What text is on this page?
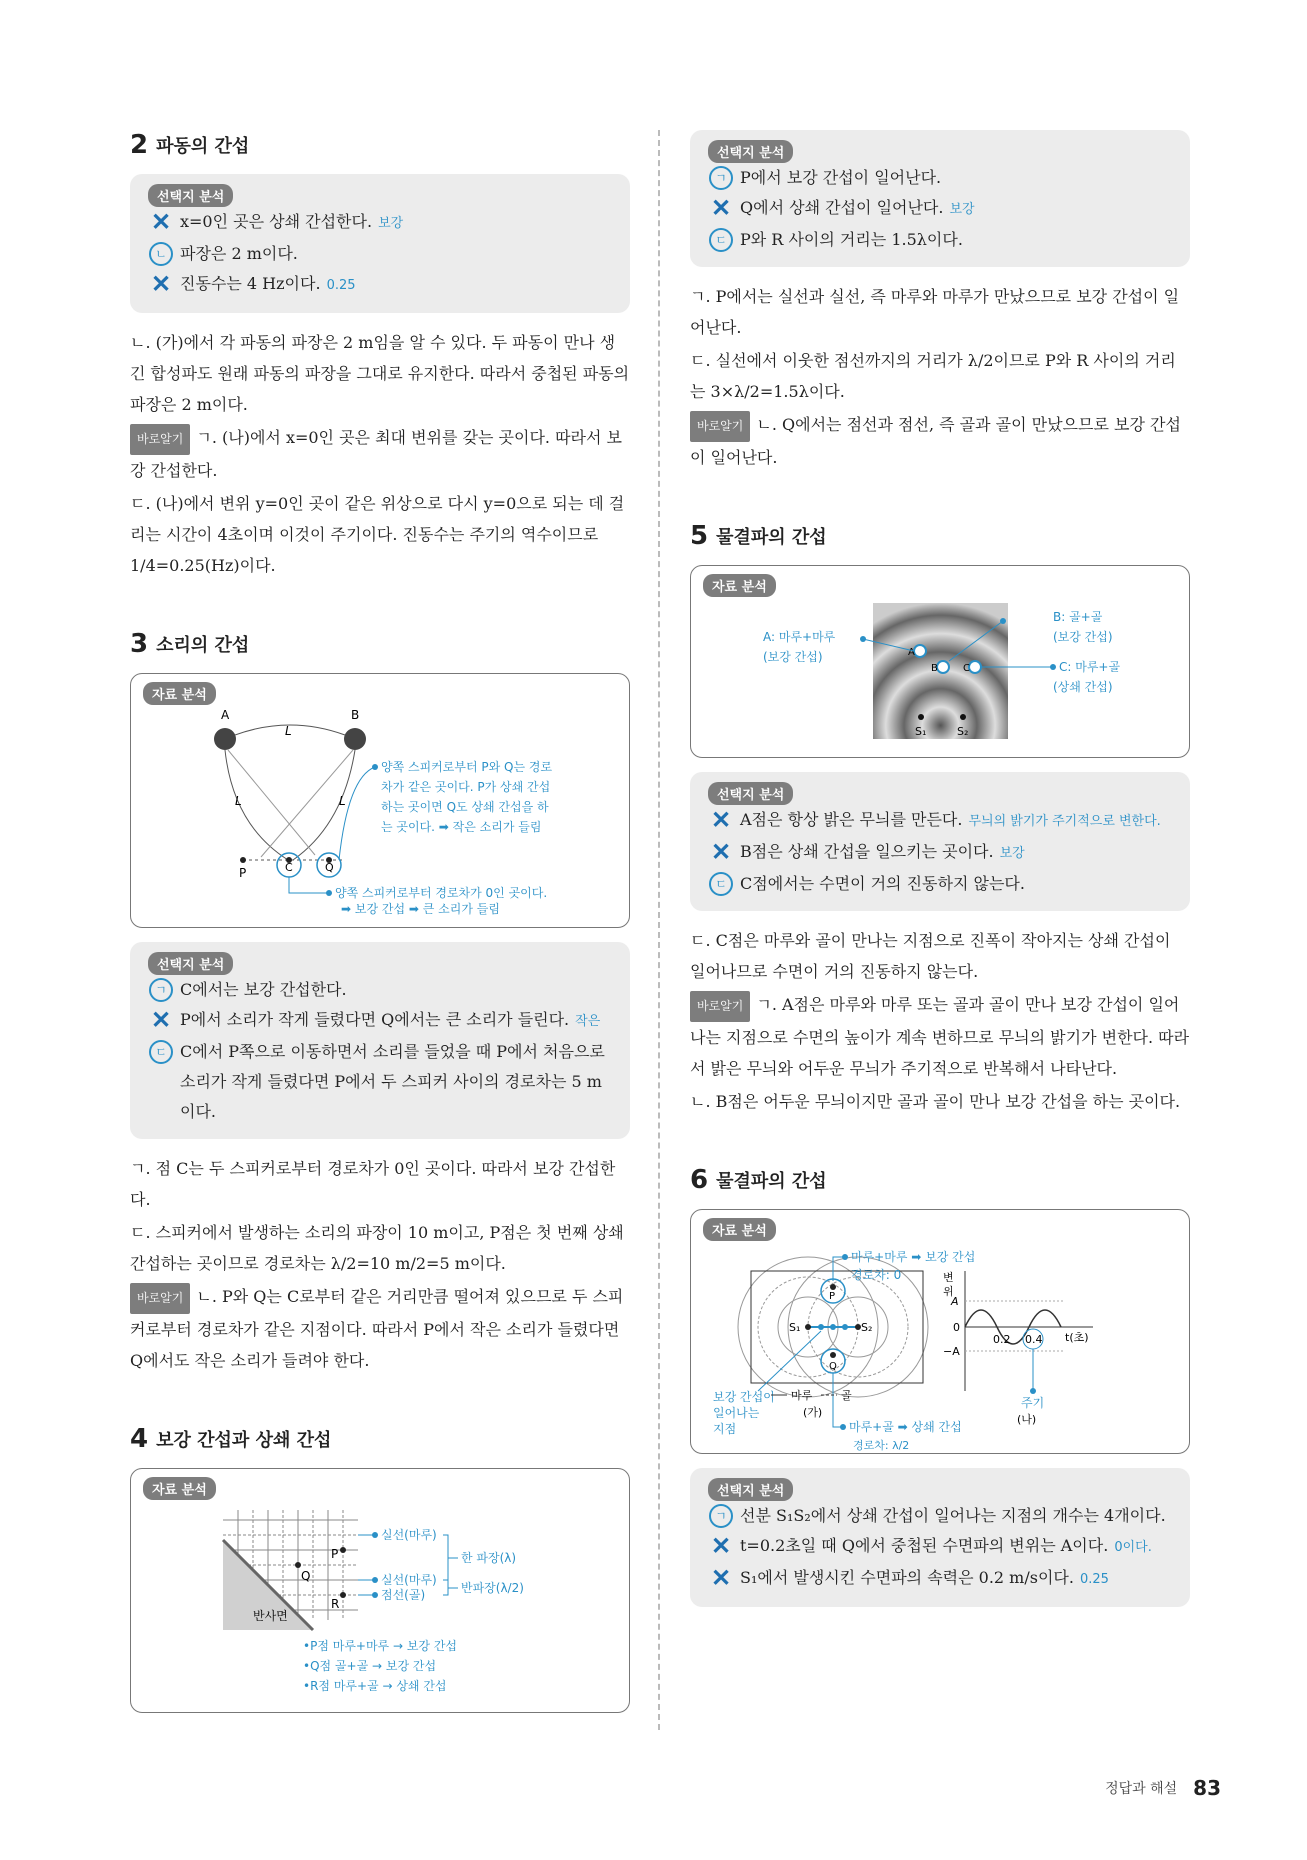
2 파동의 간섭
선택지 분석
✕ x=0인 곳은 상쇄 간섭한다. 보강
ㄴ 파장은 2 m이다.
✕ 진동수는 4 Hz이다. 0.25

ㄴ. (가)에서 각 파동의 파장은 2 m임을 알 수 있다. 두 파동이 만나 생긴 합성파도 원래 파동의 파장을 그대로 유지한다. 따라서 중첩된 파동의 파장은 2 m이다.

바로알기 ㄱ. (나)에서 x=0인 곳은 최대 변위를 갖는 곳이다. 따라서 보강 간섭한다.

ㄷ. (나)에서 변위 y=0인 곳이 같은 위상으로 다시 y=0으로 되는 데 걸리는 시간이 4초이며 이것이 주기이다. 진동수는 주기의 역수이므로 1/4=0.25(Hz)이다.

3 소리의 간섭
자료 분석
A	B
L
L	L
P	C	Q
양쪽 스피커로부터 P와 Q는 경로
차가 같은 곳이다. P가 상쇄 간섭
하는 곳이면 Q도 상쇄 간섭을 하
는 곳이다. ➡ 작은 소리가 들림
양쪽 스피커로부터 경로차가 0인 곳이다.
➡ 보강 간섭 ➡ 큰 소리가 들림
선택지 분석
ㄱ C에서는 보강 간섭한다.
✕ P에서 소리가 작게 들렸다면 Q에서는 큰 소리가 들린다. 작은
ㄷ C에서 P쪽으로 이동하면서 소리를 들었을 때 P에서 처음으로 소리가 작게 들렸다면 P에서 두 스피커 사이의 경로차는 5 m이다.

ㄱ. 점 C는 두 스피커로부터 경로차가 0인 곳이다. 따라서 보강 간섭한다.

ㄷ. 스피커에서 발생하는 소리의 파장이 10 m이고, P점은 첫 번째 상쇄 간섭하는 곳이므로 경로차는 λ/2=10 m/2=5 m이다.

바로알기 ㄴ. P와 Q는 C로부터 같은 거리만큼 떨어져 있으므로 두 스피커로부터 경로차가 같은 지점이다. 따라서 P에서 작은 소리가 들렸다면 Q에서도 작은 소리가 들려야 한다.

4 보강 간섭과 상쇄 간섭
자료 분석
반사면
P
Q
R
실선(마루)
실선(마루)
점선(골)
한 파장(λ)
반파장(λ/2)
•P점 마루+마루 → 보강 간섭
•Q점 골+골 → 보강 간섭
•R점 마루+골 → 상쇄 간섭
선택지 분석
ㄱ P에서 보강 간섭이 일어난다.
✕ Q에서 상쇄 간섭이 일어난다. 보강
ㄷ P와 R 사이의 거리는 1.5λ이다.

ㄱ. P에서는 실선과 실선, 즉 마루와 마루가 만났으므로 보강 간섭이 일어난다.

ㄷ. 실선에서 이웃한 점선까지의 거리가 λ/2이므로 P와 R 사이의 거리는 3×λ/2=1.5λ이다.

바로알기 ㄴ. Q에서는 점선과 점선, 즉 골과 골이 만났으므로 보강 간섭이 일어난다.

5 물결파의 간섭
자료 분석
A
B	C
S₁	S₂
A: 마루+마루
(보강 간섭)
B: 골+골
(보강 간섭)
C: 마루+골
(상쇄 간섭)
선택지 분석
✕ A점은 항상 밝은 무늬를 만든다. 무늬의 밝기가 주기적으로 변한다.
✕ B점은 상쇄 간섭을 일으키는 곳이다. 보강
ㄷ C점에서는 수면이 거의 진동하지 않는다.

ㄷ. C점은 마루와 골이 만나는 지점으로 진폭이 작아지는 상쇄 간섭이 일어나므로 수면이 거의 진동하지 않는다.

바로알기 ㄱ. A점은 마루와 마루 또는 골과 골이 만나 보강 간섭이 일어나는 지점으로 수면의 높이가 계속 변하므로 무늬의 밝기가 변한다. 따라서 밝은 무늬와 어두운 무늬가 주기적으로 반복해서 나타난다.

ㄴ. B점은 어두운 무늬이지만 골과 골이 만나 보강 간섭을 하는 곳이다.

6 물결파의 간섭
자료 분석
P
Q
S₁	S₂
마루+마루 ➡ 보강 간섭
경로차: 0
마루+골 ➡ 상쇄 간섭
경로차: λ/2
보강 간섭이
일어나는
지점
마루	골
(가)
변
위
A
0
−A
0.2 0.4 t(초)
주기
(나)
선택지 분석
ㄱ 선분 S₁S₂에서 상쇄 간섭이 일어나는 지점의 개수는 4개이다.
✕ t=0.2초일 때 Q에서 중첩된 수면파의 변위는 A이다. 0이다.
✕ S₁에서 발생시킨 수면파의 속력은 0.2 m/s이다. 0.25
정답과 해설 83
